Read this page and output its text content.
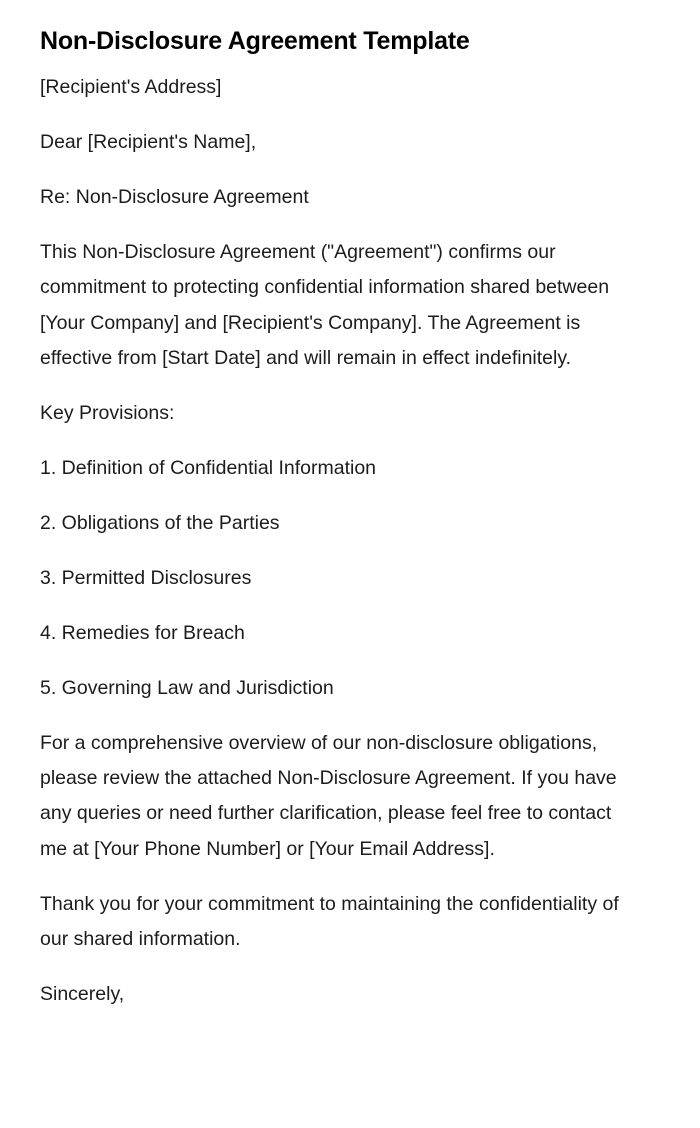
Non-Disclosure Agreement Template

[Recipient's Address]

Dear [Recipient's Name],

Re: Non-Disclosure Agreement

This Non-Disclosure Agreement ("Agreement") confirms our commitment to protecting confidential information shared between [Your Company] and [Recipient's Company]. The Agreement is effective from [Start Date] and will remain in effect indefinitely.

Key Provisions:

1. Definition of Confidential Information
2. Obligations of the Parties
3. Permitted Disclosures
4. Remedies for Breach
5. Governing Law and Jurisdiction

For a comprehensive overview of our non-disclosure obligations, please review the attached Non-Disclosure Agreement. If you have any queries or need further clarification, please feel free to contact me at [Your Phone Number] or [Your Email Address].

Thank you for your commitment to maintaining the confidentiality of our shared information.

Sincerely,
